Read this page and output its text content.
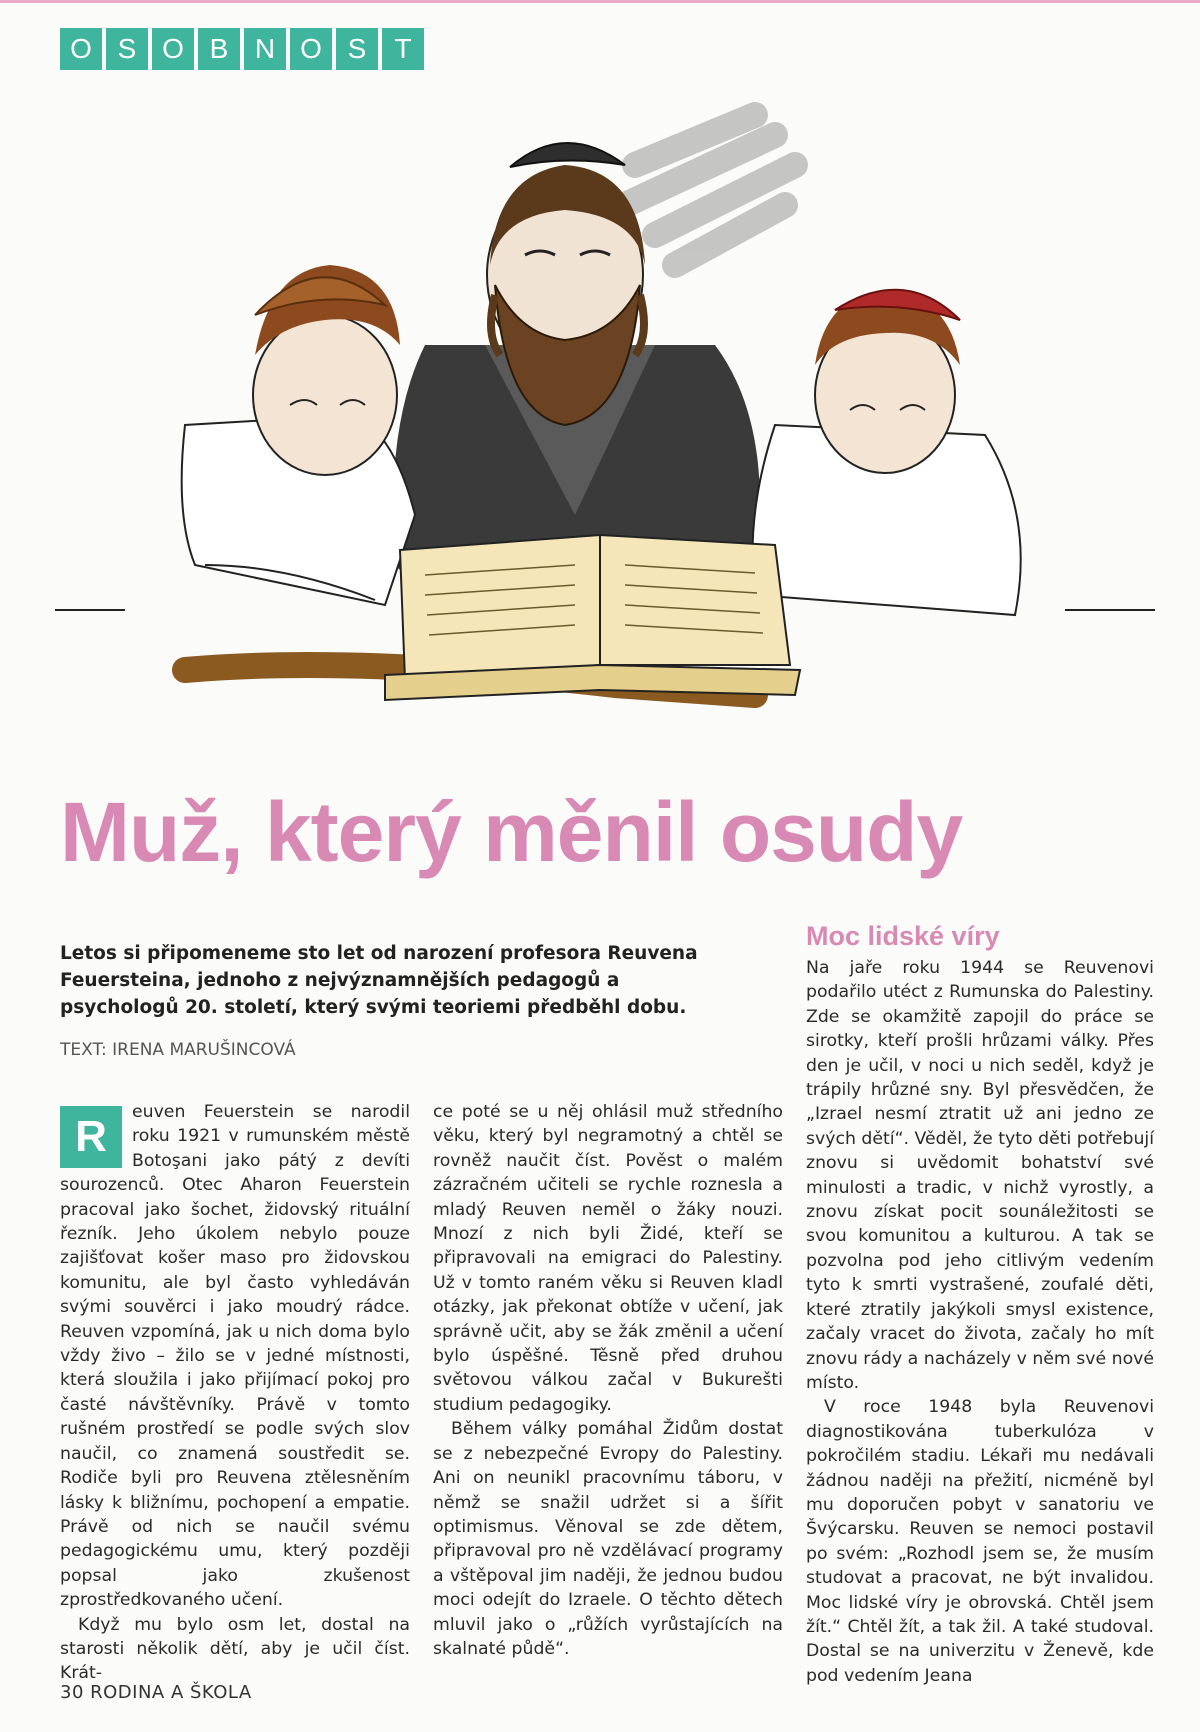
O S O B N O S	T
Muž, který měnil osudy
Letos si připomeneme sto let od narození profesora Reuvena Feuersteina, jednoho z nejvýznamnějších pedagogů a psychologů 20. století, který svými teoriemi předběhl dobu.
TEXT: IRENA MARUŠINCOVÁ
R	euven Feuerstein se narodil roku 1921 v rumunském městě Botoşani jako pátý z devíti sourozenců. Otec Aharon Feuerstein pracoval jako šochet, židovský rituální řezník. Jeho úkolem nebylo pouze zajišťovat košer maso pro židovskou komunitu, ale byl často vyhledáván svými souvěrci i jako moudrý rádce. Reuven vzpomíná, jak u nich doma bylo vždy živo – žilo se v jedné místnosti, která sloužila i jako přijímací pokoj pro časté návštěvníky. Právě v tomto rušném prostředí se podle svých slov naučil, co znamená soustředit se. Rodiče byli pro Reuvena ztělesněním lásky k bližnímu, pochopení a empatie. Právě od nich se naučil svému pedagogickému umu, který později popsal jako zkušenost zprostředkovaného učení.

Když mu bylo osm let, dostal na starosti několik dětí, aby je učil číst. Krát-

ce poté se u něj ohlásil muž středního věku, který byl negramotný a chtěl se rovněž naučit číst. Pověst o malém zázračném učiteli se rychle roznesla a mladý Reuven neměl o žáky nouzi. Mnozí z nich byli Židé, kteří se připravovali na emigraci do Palestiny. Už v tomto raném věku si Reuven kladl otázky, jak překonat obtíže v učení, jak správně učit, aby se žák změnil a učení bylo úspěšné. Těsně před druhou světovou válkou začal v Bukurešti studium pedagogiky.

Během války pomáhal Židům dostat se z nebezpečné Evropy do Palestiny. Ani on neunikl pracovnímu táboru, v němž se snažil udržet si a šířit optimismus. Věnoval se zde dětem, připravoval pro ně vzdělávací programy a vštěpoval jim naději, že jednou budou moci odejít do Izraele. O těchto dětech mluvil jako o „růžích vyrůstajících na skalnaté půdě“.

Moc lidské víry

Na jaře roku 1944 se Reuvenovi podařilo utéct z Rumunska do Palestiny. Zde se okamžitě zapojil do práce se sirotky, kteří prošli hrůzami války. Přes den je učil, v noci u nich seděl, když je trápily hrůzné sny. Byl přesvědčen, že „Izrael nesmí ztratit už ani jedno ze svých dětí“. Věděl, že tyto děti potřebují znovu si uvědomit bohatství své minulosti a tradic, v nichž vyrostly, a znovu získat pocit sounáležitosti se svou komunitou a kulturou. A tak se pozvolna pod jeho citlivým vedením tyto k smrti vystrašené, zoufalé děti, které ztratily jakýkoli smysl existence, začaly vracet do života, začaly ho mít znovu rády a nacházely v něm své nové místo.

V roce 1948 byla Reuvenovi diagnostikována tuberkulóza v pokročilém stadiu. Lékaři mu nedávali žádnou naději na přežití, nicméně byl mu doporučen pobyt v sanatoriu ve Švýcarsku. Reuven se nemoci postavil po svém: „Rozhodl jsem se, že musím studovat a pracovat, ne být invalidou. Moc lidské víry je obrovská. Chtěl jsem žít.“ Chtěl žít, a tak žil. A také studoval. Dostal se na univerzitu v Ženevě, kde pod vedením Jeana

30 RODINA A ŠKOLA
